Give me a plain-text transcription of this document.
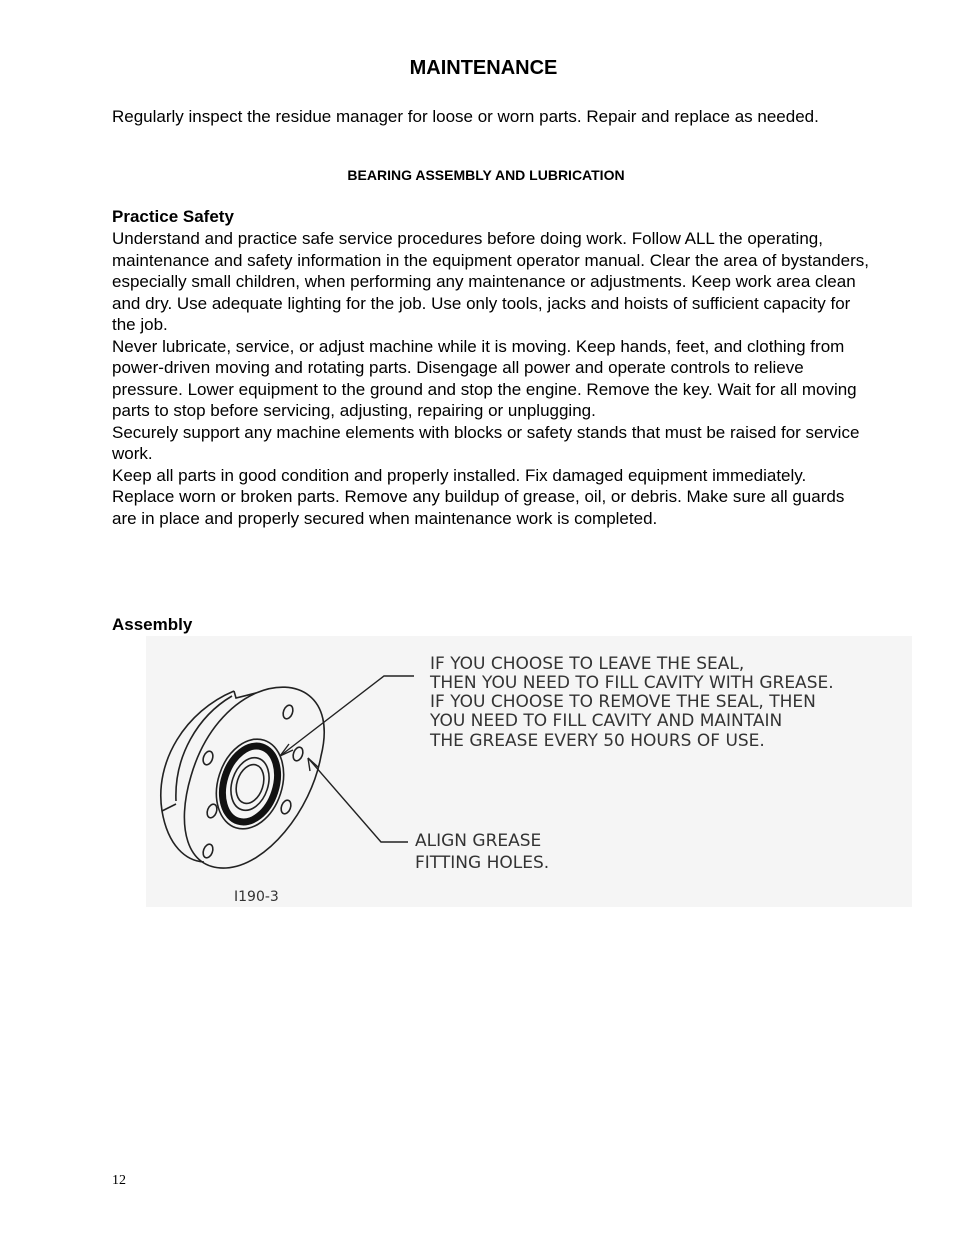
MAINTENANCE

Regularly inspect the residue manager for loose or worn parts. Repair and replace as needed.

BEARING ASSEMBLY AND LUBRICATION
Practice Safety

Understand and practice safe service procedures before doing work. Follow ALL the operating, maintenance and safety information in the equipment operator manual. Clear the area of bystanders, especially small children, when performing any maintenance or adjustments. Keep work area clean and dry. Use adequate lighting for the job. Use only tools, jacks and hoists of sufficient capacity for the job.

Never lubricate, service, or adjust machine while it is moving. Keep hands, feet, and clothing from power-driven moving and rotating parts. Disengage all power and operate controls to relieve pressure. Lower equipment to the ground and stop the engine. Remove the key. Wait for all moving parts to stop before servicing, adjusting, repairing or unplugging.

Securely support any machine elements with blocks or safety stands that must be raised for service work.

Keep all parts in good condition and properly installed. Fix damaged equipment immediately. Replace worn or broken parts. Remove any buildup of grease, oil, or debris. Make sure all guards are in place and properly secured when maintenance work is completed.

Assembly
IF YOU CHOOSE TO LEAVE THE SEAL,
THEN YOU NEED TO FILL CAVITY WITH GREASE.
IF YOU CHOOSE TO REMOVE THE SEAL, THEN
YOU NEED TO FILL CAVITY AND MAINTAIN
THE GREASE EVERY 50 HOURS OF USE.
ALIGN GREASE
FITTING HOLES.
I190-3
12
